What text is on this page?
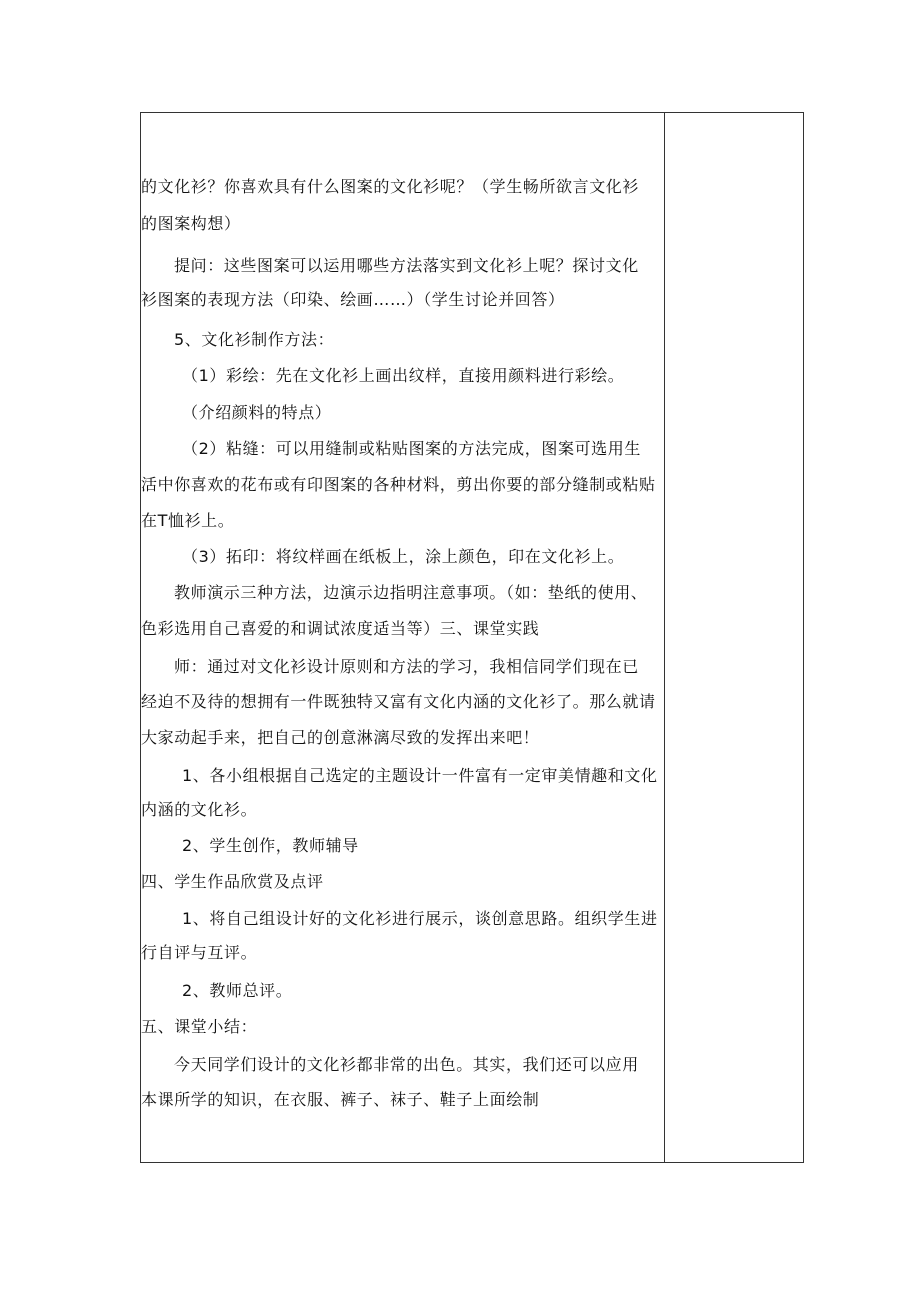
的文化衫？你喜欢具有什么图案的文化衫呢？（学生畅所欲言文化衫
的图案构想）
提问：这些图案可以运用哪些方法落实到文化衫上呢？探讨文化
衫图案的表现方法（印染、绘画……）（学生讨论并回答）
5、文化衫制作方法：
（1）彩绘：先在文化衫上画出纹样，直接用颜料进行彩绘。
（介绍颜料的特点）
（2）粘缝：可以用缝制或粘贴图案的方法完成，图案可选用生
活中你喜欢的花布或有印图案的各种材料，剪出你要的部分缝制或粘贴
在T恤衫上。
（3）拓印：将纹样画在纸板上，涂上颜色，印在文化衫上。
教师演示三种方法，边演示边指明注意事项。（如：垫纸的使用、
色彩选用自己喜爱的和调试浓度适当等）三、课堂实践
师：通过对文化衫设计原则和方法的学习，我相信同学们现在已
经迫不及待的想拥有一件既独特又富有文化内涵的文化衫了。那么就请
大家动起手来，把自己的创意淋漓尽致的发挥出来吧！
1、各小组根据自己选定的主题设计一件富有一定审美情趣和文化
内涵的文化衫。
2、学生创作，教师辅导
四、学生作品欣赏及点评
1、将自己组设计好的文化衫进行展示，谈创意思路。组织学生进
行自评与互评。
2、教师总评。
五、课堂小结：
今天同学们设计的文化衫都非常的出色。其实，我们还可以应用
本课所学的知识，在衣服、裤子、袜子、鞋子上面绘制
